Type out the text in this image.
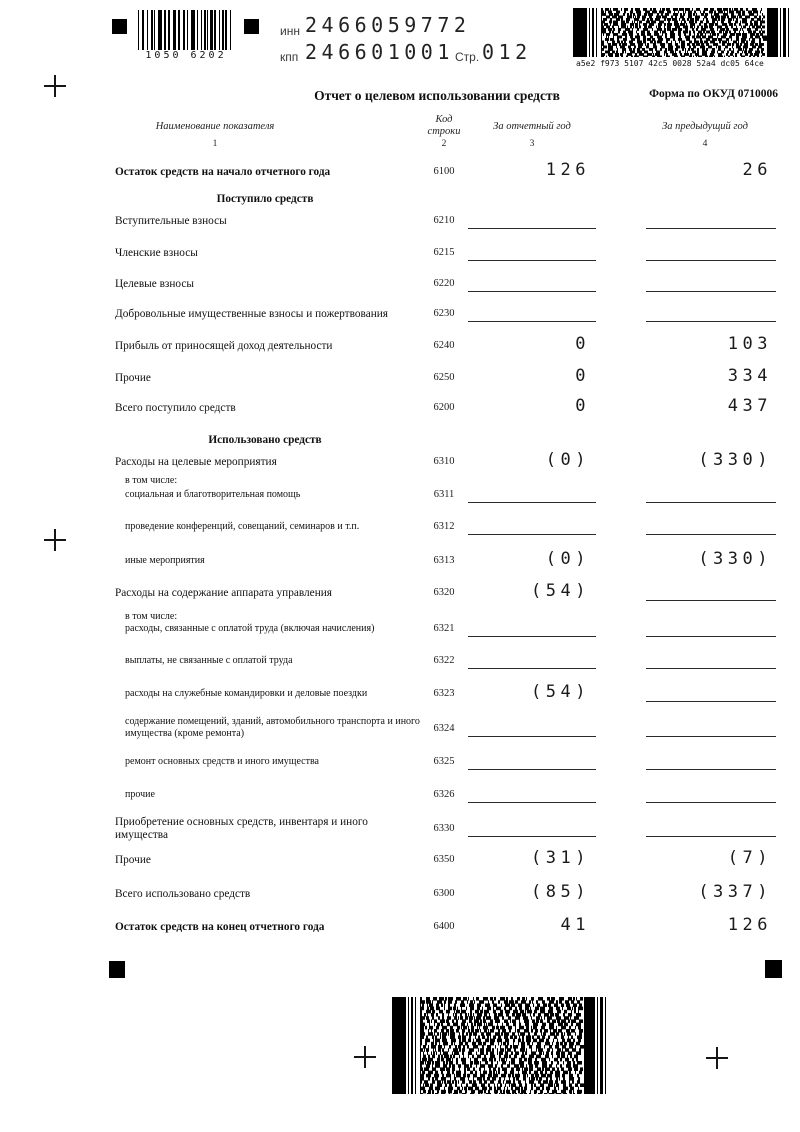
1050 6202
инн 2466059772
кпп 246601001 Стр. 012	a5e2 f973 5107 42c5 0028 52a4 dc05 64ce
Отчет о целевом использовании средств	Форма по ОКУД 0710006
Наименование показателя
1
Код строки
2
За отчетный год
3
За предыдущий год
4
Остаток средств на начало отчетного года	6100	126	26
Поступило средств
Вступительные взносы	6210
Членские взносы	6215
Целевые взносы	6220
Добровольные имущественные взносы и пожертвования	6230
Прибыль от приносящей доход деятельности	6240	0	103
Прочие	6250	0	334
Всего поступило средств	6200	0	437
Использовано средств
Расходы на целевые мероприятия	6310	(0)	(330)
в том числе:
социальная и благотворительная помощь	6311
проведение конференций, совещаний, семинаров и т.п.	6312
иные мероприятия	6313	(0)	(330)
Расходы на содержание аппарата управления	6320	(54)
в том числе:
расходы, связанные с оплатой труда (включая начисления)	6321
выплаты, не связанные с оплатой труда	6322
расходы на служебные командировки и деловые поездки	6323	(54)
содержание помещений, зданий, автомобильного транспорта и иного имущества (кроме ремонта)	6324
ремонт основных средств и иного имущества	6325
прочие	6326
Приобретение основных средств, инвентаря и иного имущества	6330
Прочие	6350	(31)	(7)
Всего использовано средств	6300	(85)	(337)
Остаток средств на конец отчетного года	6400	41	126
